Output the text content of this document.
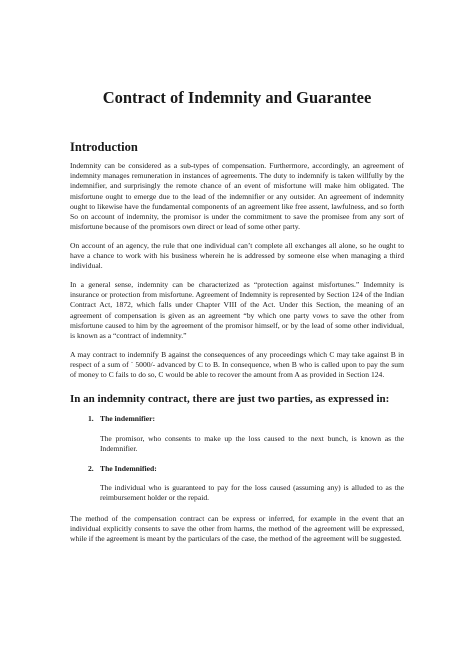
Contract of Indemnity and Guarantee
Introduction

Indemnity can be considered as a sub-types of compensation. Furthermore, accordingly, an agreement of indemnity manages remuneration in instances of agreements. The duty to indemnify is taken willfully by the indemnifier, and surprisingly the remote chance of an event of misfortune will make him obligated. The misfortune ought to emerge due to the lead of the indemnifier or any outsider. An agreement of indemnity ought to likewise have the fundamental components of an agreement like free assent, lawfulness, and so forth So on account of indemnity, the promisor is under the commitment to save the promisee from any sort of misfortune because of the promisors own direct or lead of some other party.

On account of an agency, the rule that one individual can’t complete all exchanges all alone, so he ought to have a chance to work with his business wherein he is addressed by someone else when managing a third individual.

In a general sense, indemnity can be characterized as “protection against misfortunes.” Indemnity is insurance or protection from misfortune. Agreement of Indemnity is represented by Section 124 of the Indian Contract Act, 1872, which falls under Chapter VIII of the Act. Under this Section, the meaning of an agreement of compensation is given as an agreement “by which one party vows to save the other from misfortune caused to him by the agreement of the promisor himself, or by the lead of some other individual, is known as a “contract of indemnity.”

A may contract to indemnify B against the consequences of any proceedings which C may take against B in respect of a sum of ` 5000/- advanced by C to B. In consequence, when B who is called upon to pay the sum of money to C fails to do so, C would be able to recover the amount from A as provided in Section 124.

In an indemnity contract, there are just two parties, as expressed in:
1. The indemnifier:

The promisor, who consents to make up the loss caused to the next bunch, is known as the Indemnifier.

2. The Indemnified:

The individual who is guaranteed to pay for the loss caused (assuming any) is alluded to as the reimbursement holder or the repaid.

The method of the compensation contract can be express or inferred, for example in the event that an individual explicitly consents to save the other from harms, the method of the agreement will be expressed, while if the agreement is meant by the particulars of the case, the method of the agreement will be suggested.
